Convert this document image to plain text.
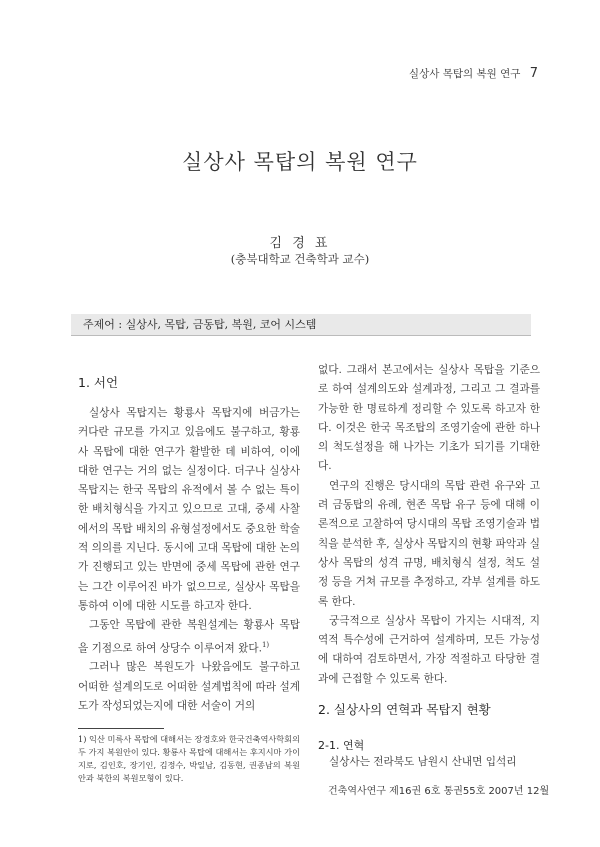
실상사 목탑의 복원 연구 7
실상사 목탑의 복원 연구
김 경 표
(충북대학교 건축학과 교수)
주제어 : 실상사, 목탑, 금동탑, 복원, 코어 시스템
1. 서언

실상사 목탑지는 황룡사 목탑지에 버금가는 커다란 규모를 가지고 있음에도 불구하고, 황룡사 목탑에 대한 연구가 활발한 데 비하여, 이에 대한 연구는 거의 없는 실정이다. 더구나 실상사 목탑지는 한국 목탑의 유적에서 볼 수 없는 특이한 배치형식을 가지고 있으므로 고대, 중세 사찰에서의 목탑 배치의 유형설정에서도 중요한 학술적 의의를 지닌다. 동시에 고대 목탑에 대한 논의가 진행되고 있는 반면에 중세 목탑에 관한 연구는 그간 이루어진 바가 없으므로, 실상사 목탑을 통하여 이에 대한 시도를 하고자 한다.

그동안 목탑에 관한 복원설계는 황룡사 목탑을 기점으로 하여 상당수 이루어져 왔다.$^{1)}$

그러나 많은 복원도가 나왔음에도 불구하고 어떠한 설계의도로 어떠한 설계법칙에 따라 설계도가 작성되었는지에 대한 서술이 거의

1) 익산 미륵사 목탑에 대해서는 장경호와 한국건축역사학회의 두 가지 복원안이 있다. 황룡사 목탑에 대해서는 후지시마 가이지로, 김인호, 장기인, 김정수, 박일남, 김동현, 권종남의 복원안과 북한의 복원모형이 있다.

없다. 그래서 본고에서는 실상사 목탑을 기준으로 하여 설계의도와 설계과정, 그리고 그 결과를 가능한 한 명료하게 정리할 수 있도록 하고자 한다. 이것은 한국 목조탑의 조영기술에 관한 하나의 척도설정을 해 나가는 기초가 되기를 기대한다.

연구의 진행은 당시대의 목탑 관련 유구와 고려 금동탑의 유례, 현존 목탑 유구 등에 대해 이론적으로 고찰하여 당시대의 목탑 조영기술과 법칙을 분석한 후, 실상사 목탑지의 현황 파악과 실상사 목탑의 성격 규명, 배치형식 설정, 척도 설정 등을 거쳐 규모를 추정하고, 각부 설계를 하도록 한다.

궁극적으로 실상사 목탑이 가지는 시대적, 지역적 특수성에 근거하여 설계하며, 모든 가능성에 대하여 검토하면서, 가장 적절하고 타당한 결과에 근접할 수 있도록 한다.

2. 실상사의 연혁과 목탑지 현황
2-1. 연혁
실상사는 전라북도 남원시 산내면 입석리
건축역사연구 제16권 6호 통권55호 2007년 12월
